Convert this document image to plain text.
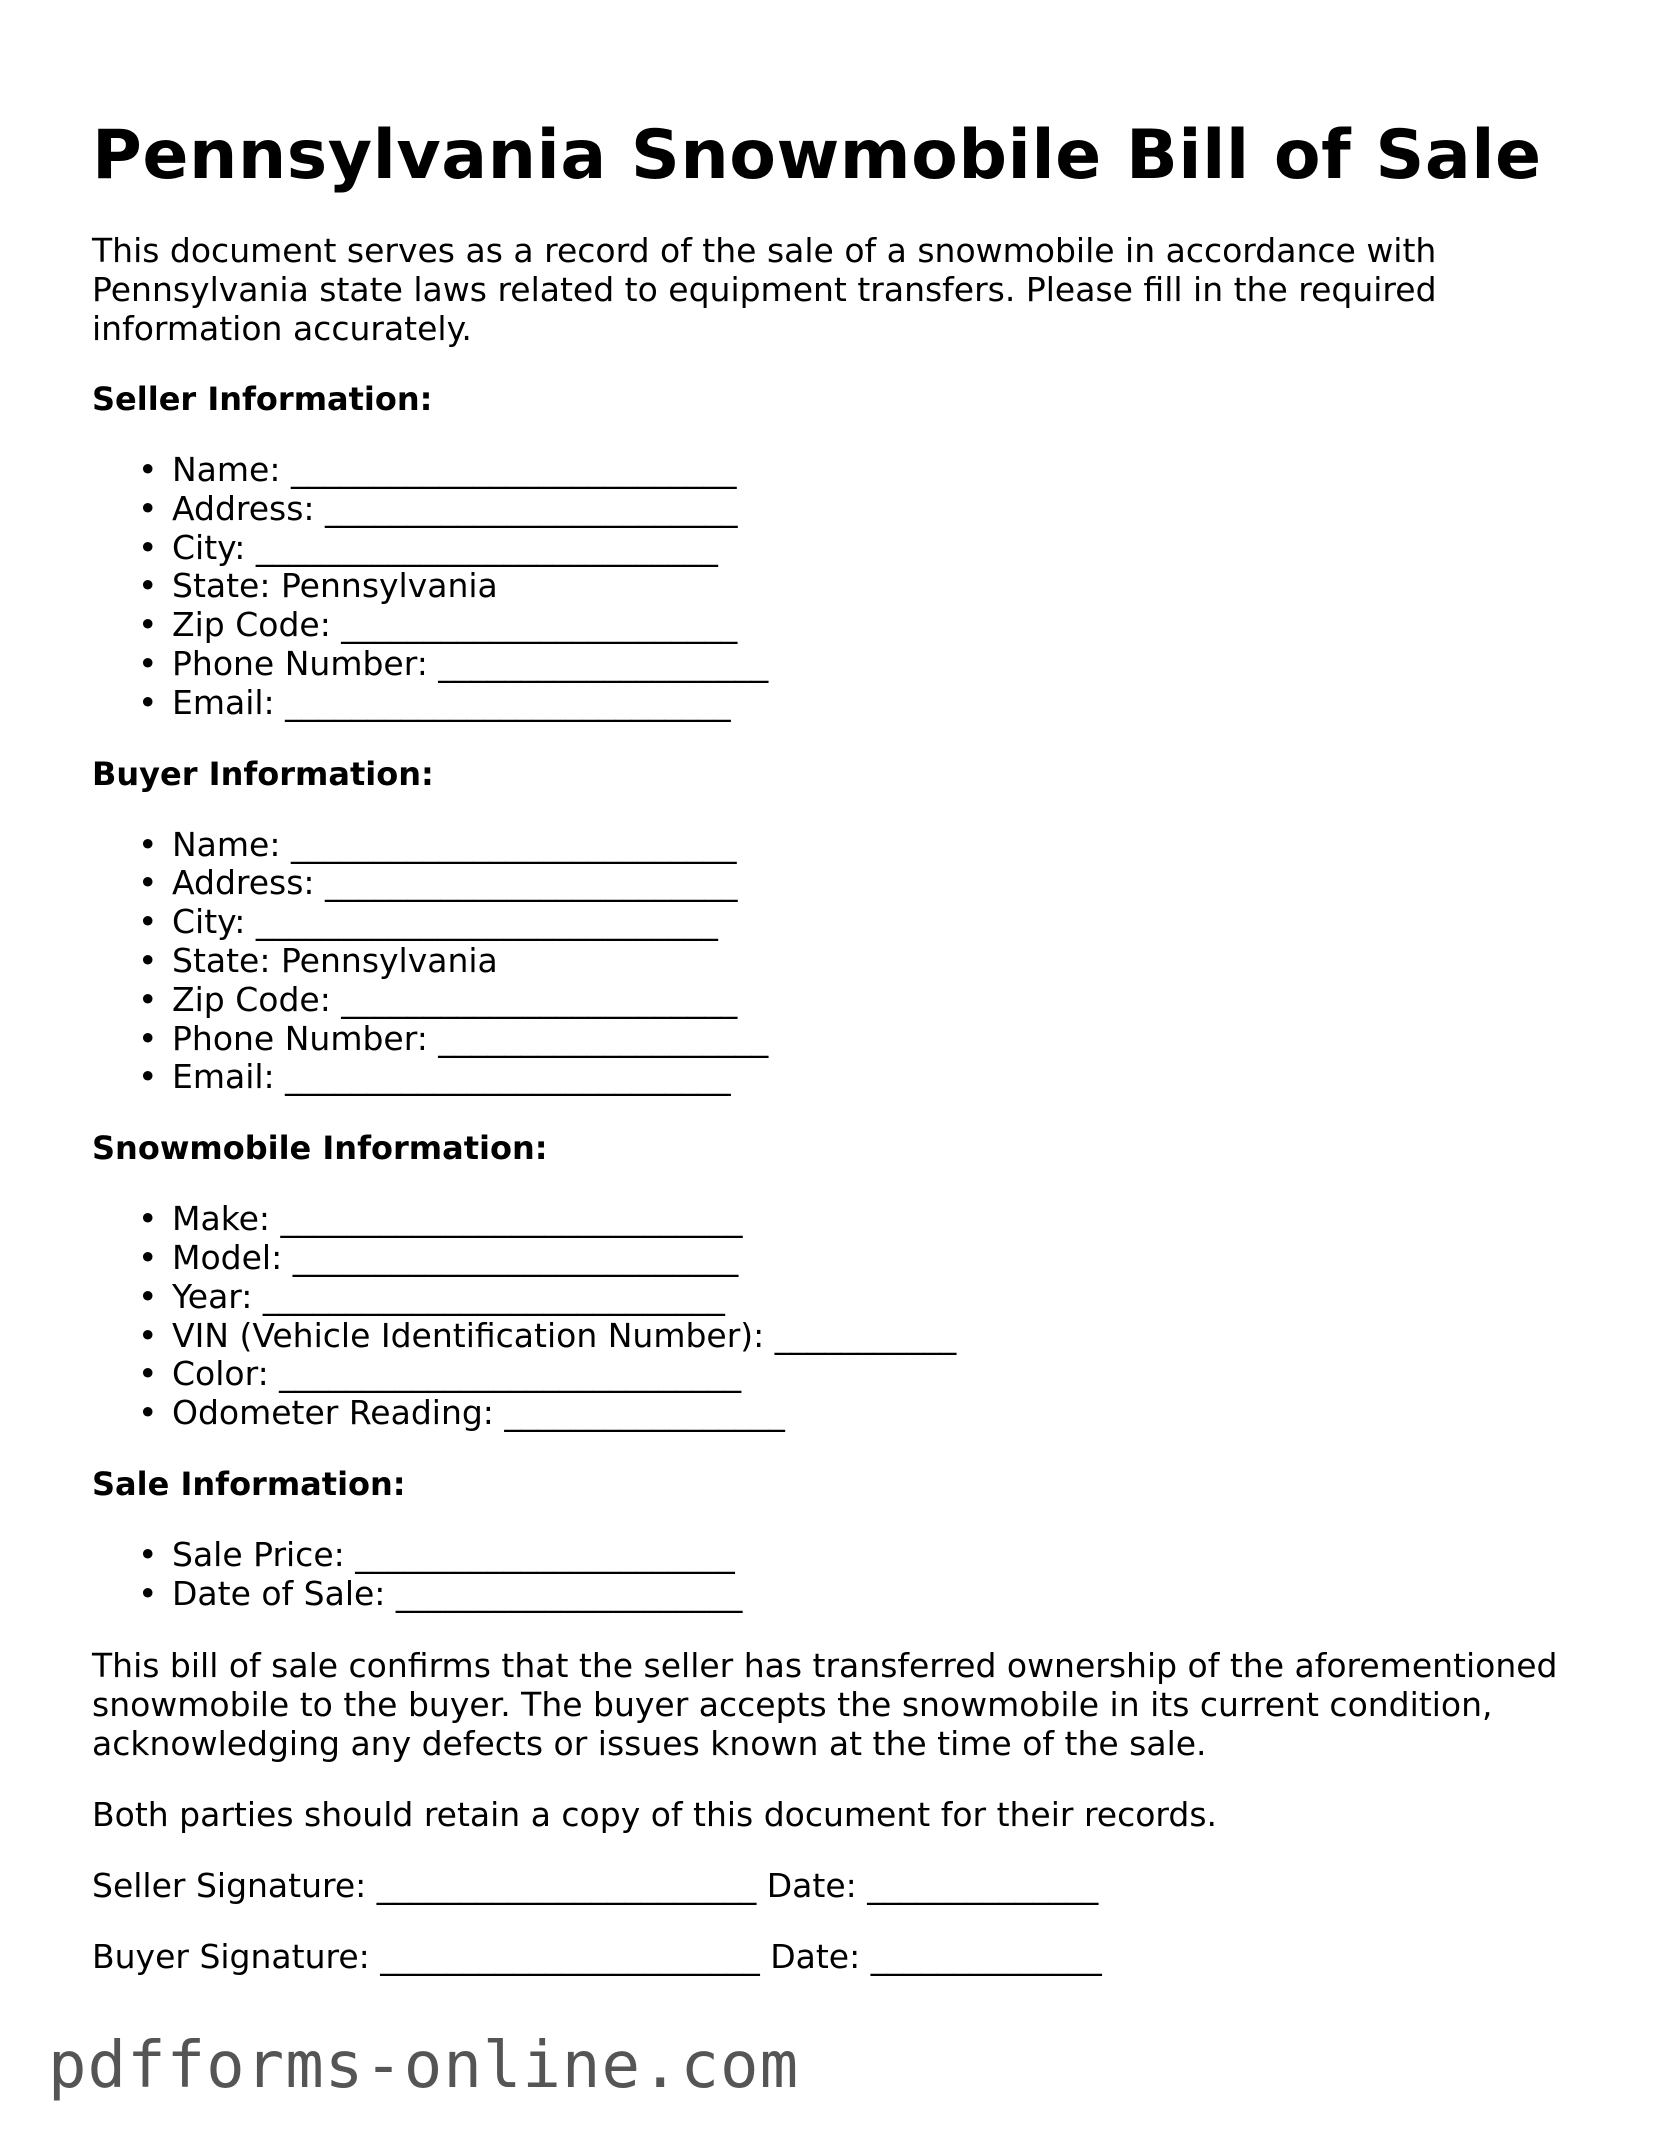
Pennsylvania Snowmobile Bill of Sale

This document serves as a record of the sale of a snowmobile in accordance with Pennsylvania state laws related to equipment transfers. Please fill in the required information accurately.

Seller Information:
• Name: ___________________________
• Address: _________________________
• City: ____________________________
• State: Pennsylvania
• Zip Code: ________________________
• Phone Number: ____________________
• Email: ___________________________
Buyer Information:
• Name: ___________________________
• Address: _________________________
• City: ____________________________
• State: Pennsylvania
• Zip Code: ________________________
• Phone Number: ____________________
• Email: ___________________________
Snowmobile Information:
• Make: ____________________________
• Model: ___________________________
• Year: ____________________________
• VIN (Vehicle Identification Number): ___________
• Color: ____________________________
• Odometer Reading: _________________
Sale Information:
• Sale Price: _______________________
• Date of Sale: _____________________

This bill of sale confirms that the seller has transferred ownership of the aforementioned snowmobile to the buyer. The buyer accepts the snowmobile in its current condition, acknowledging any defects or issues known at the time of the sale.

Both parties should retain a copy of this document for their records.

Seller Signature: _______________________ Date: ______________

Buyer Signature: _______________________ Date: ______________

pdfforms-online.com
